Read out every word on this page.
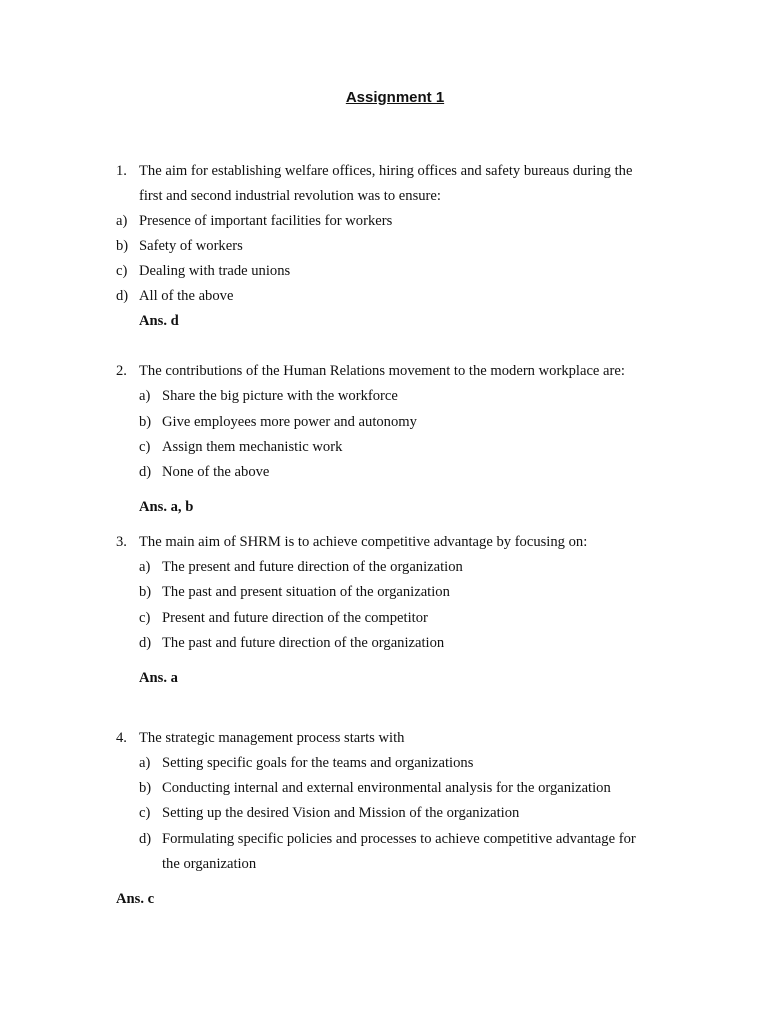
Assignment 1
1. The aim for establishing welfare offices, hiring offices and safety bureaus during the
first and second industrial revolution was to ensure:
a) Presence of important facilities for workers
b) Safety of workers
c) Dealing with trade unions
d) All of the above
Ans. d
2. The contributions of the Human Relations movement to the modern workplace are:
a) Share the big picture with the workforce
b) Give employees more power and autonomy
c) Assign them mechanistic work
d) None of the above
Ans. a, b
3. The main aim of SHRM is to achieve competitive advantage by focusing on:
a) The present and future direction of the organization
b) The past and present situation of the organization
c) Present and future direction of the competitor
d) The past and future direction of the organization
Ans. a
4. The strategic management process starts with
a) Setting specific goals for the teams and organizations
b) Conducting internal and external environmental analysis for the organization
c) Setting up the desired Vision and Mission of the organization
d) Formulating specific policies and processes to achieve competitive advantage for
the organization
Ans. c
